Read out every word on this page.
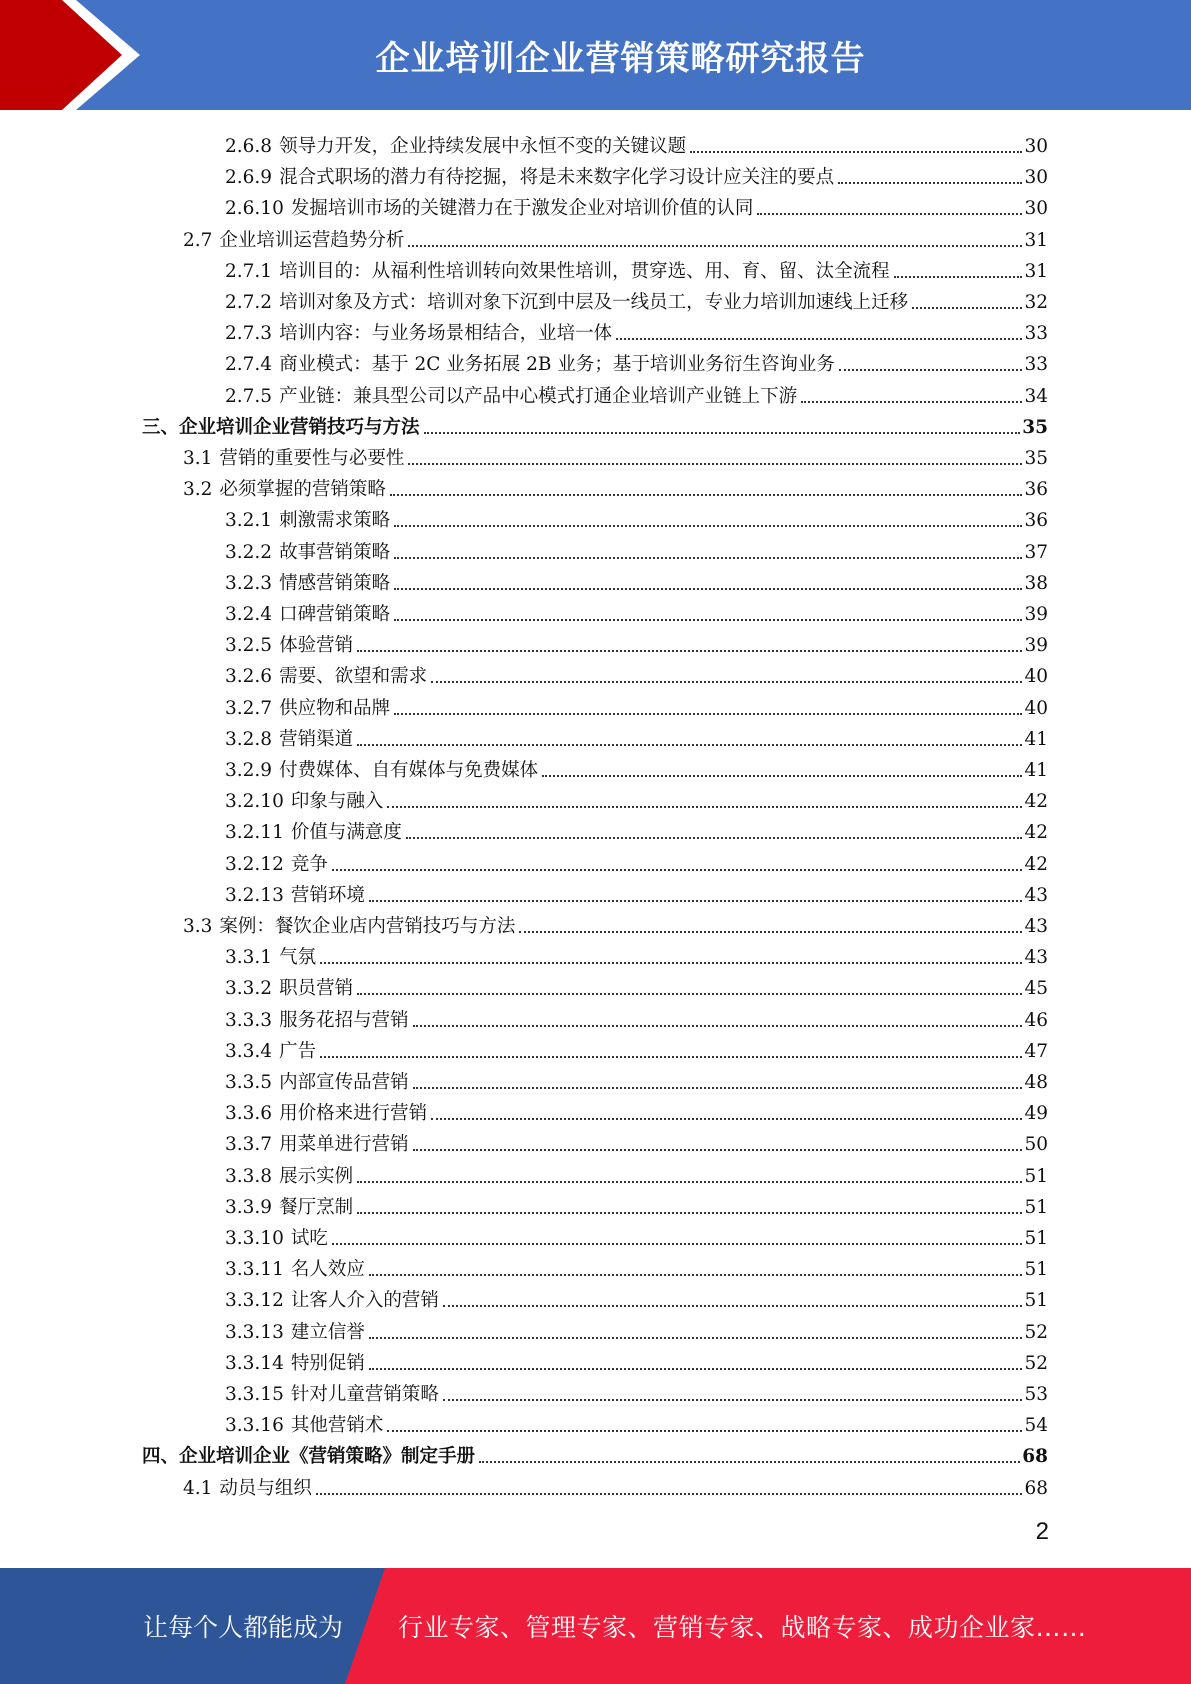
企业培训企业营销策略研究报告
2.6.8 领导力开发，企业持续发展中永恒不变的关键议题	30
2.6.9 混合式职场的潜力有待挖掘，将是未来数字化学习设计应关注的要点	30
2.6.10 发掘培训市场的关键潜力在于激发企业对培训价值的认同	30
2.7 企业培训运营趋势分析	31
2.7.1 培训目的：从福利性培训转向效果性培训，贯穿选、用、育、留、汰全流程	31
2.7.2 培训对象及方式：培训对象下沉到中层及一线员工，专业力培训加速线上迁移	32
2.7.3 培训内容：与业务场景相结合，业培一体	33
2.7.4 商业模式：基于 2C 业务拓展 2B 业务；基于培训业务衍生咨询业务	33
2.7.5 产业链：兼具型公司以产品中心模式打通企业培训产业链上下游	34
三、企业培训企业营销技巧与方法	35
3.1 营销的重要性与必要性	35
3.2 必须掌握的营销策略	36
3.2.1 刺激需求策略	36
3.2.2 故事营销策略	37
3.2.3 情感营销策略	38
3.2.4 口碑营销策略	39
3.2.5 体验营销	39
3.2.6 需要、欲望和需求	40
3.2.7 供应物和品牌	40
3.2.8 营销渠道	41
3.2.9 付费媒体、自有媒体与免费媒体	41
3.2.10 印象与融入	42
3.2.11 价值与满意度	42
3.2.12 竞争	42
3.2.13 营销环境	43
3.3 案例：餐饮企业店内营销技巧与方法	43
3.3.1 气氛	43
3.3.2 职员营销	45
3.3.3 服务花招与营销	46
3.3.4 广告	47
3.3.5 内部宣传品营销	48
3.3.6 用价格来进行营销	49
3.3.7 用菜单进行营销	50
3.3.8 展示实例	51
3.3.9 餐厅烹制	51
3.3.10 试吃	51
3.3.11 名人效应	51
3.3.12 让客人介入的营销	51
3.3.13 建立信誉	52
3.3.14 特别促销	52
3.3.15 针对儿童营销策略	53
3.3.16 其他营销术	54
四、企业培训企业《营销策略》制定手册	68
4.1 动员与组织	68
2
让每个人都能成为 行业专家、管理专家、营销专家、战略专家、成功企业家……
